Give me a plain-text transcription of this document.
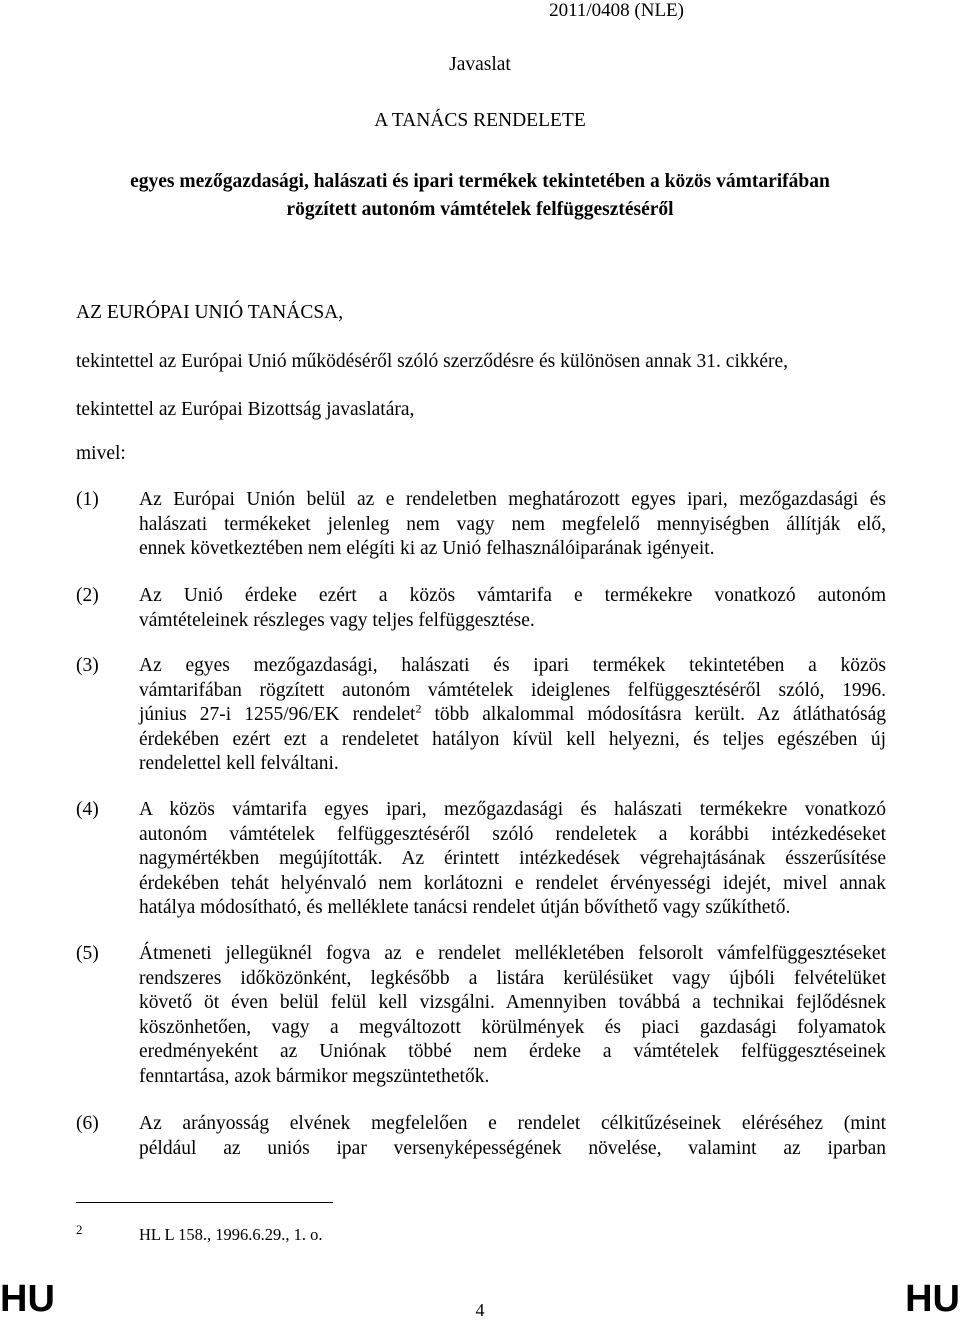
2011/0408 (NLE)
Javaslat
A TANÁCS RENDELETE
egyes mezőgazdasági, halászati és ipari termékek tekintetében a közös vámtarifában
rögzített autonóm vámtételek felfüggesztéséről
AZ EURÓPAI UNIÓ TANÁCSA,
tekintettel az Európai Unió működéséről szóló szerződésre és különösen annak 31. cikkére,
tekintettel az Európai Bizottság javaslatára,
mivel:
(1) Az Európai Unión belül az e rendeletben meghatározott egyes ipari, mezőgazdasági és
halászati termékeket jelenleg nem vagy nem megfelelő mennyiségben állítják elő,
ennek következtében nem elégíti ki az Unió felhasználóiparának igényeit.
(2) Az Unió érdeke ezért a közös vámtarifa e termékekre vonatkozó autonóm
vámtételeinek részleges vagy teljes felfüggesztése.
(3) Az egyes mezőgazdasági, halászati és ipari termékek tekintetében a közös
vámtarifában rögzített autonóm vámtételek ideiglenes felfüggesztéséről szóló, 1996.
június 27-i 1255/96/EK rendelet$^2$ több alkalommal módosításra került. Az átláthatóság
érdekében ezért ezt a rendeletet hatályon kívül kell helyezni, és teljes egészében új
rendelettel kell felváltani.
(4) A közös vámtarifa egyes ipari, mezőgazdasági és halászati termékekre vonatkozó
autonóm vámtételek felfüggesztéséről szóló rendeletek a korábbi intézkedéseket
nagymértékben megújították. Az érintett intézkedések végrehajtásának ésszerűsítése
érdekében tehát helyénvaló nem korlátozni e rendelet érvényességi idejét, mivel annak
hatálya módosítható, és melléklete tanácsi rendelet útján bővíthető vagy szűkíthető.
(5) Átmeneti jellegüknél fogva az e rendelet mellékletében felsorolt vámfelfüggesztéseket
rendszeres időközönként, legkésőbb a listára kerülésüket vagy újbóli felvételüket
követő öt éven belül felül kell vizsgálni. Amennyiben továbbá a technikai fejlődésnek
köszönhetően, vagy a megváltozott körülmények és piaci gazdasági folyamatok
eredményeként az Uniónak többé nem érdeke a vámtételek felfüggesztéseinek
fenntartása, azok bármikor megszüntethetők.
(6) Az arányosság elvének megfelelően e rendelet célkitűzéseinek eléréséhez (mint
például az uniós ipar versenyképességének növelése, valamint az iparban
2	HL L 158., 1996.6.29., 1. o.
HU	4	HU
